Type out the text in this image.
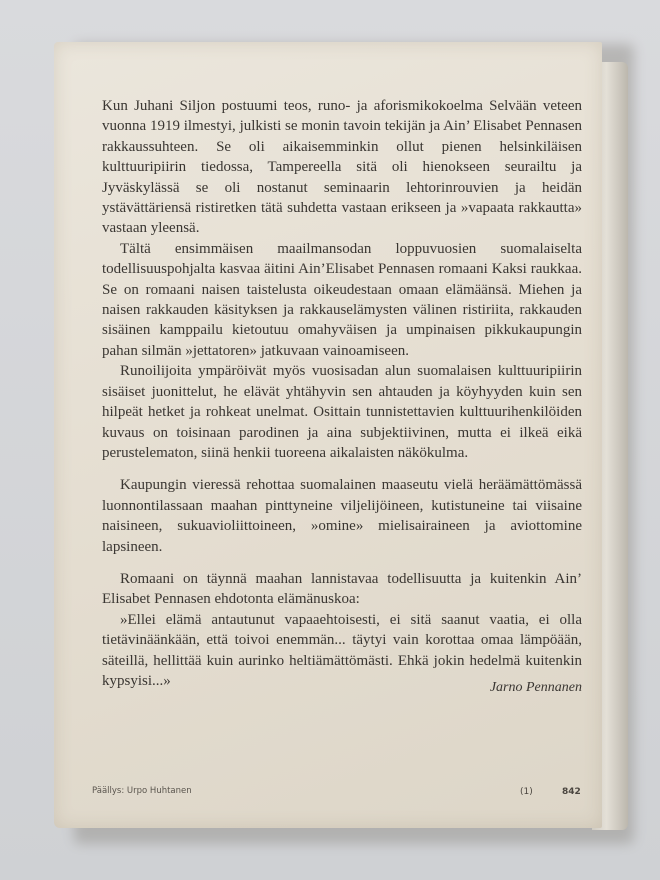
Kun Juhani Siljon postuumi teos, runo- ja aforismikokoelma Selvään veteen vuonna 1919 ilmestyi, julkisti se monin tavoin tekijän ja Ain’ Elisabet Pennasen rakkaussuhteen. Se oli aikaisemminkin ollut pienen helsinkiläisen kulttuuripiirin tiedossa, Tampereella sitä oli hienokseen seurailtu ja Jyväskylässä se oli nostanut seminaarin lehtorinrouvien ja heidän ystävättäriensä ristiretken tätä suhdetta vastaan erikseen ja »vapaata rakkautta» vastaan yleensä.

Tältä ensimmäisen maailmansodan loppuvuosien suomalaiselta todellisuuspohjalta kasvaa äitini Ain’Elisabet Pennasen romaani Kaksi raukkaa. Se on romaani naisen taistelusta oikeudestaan omaan elämäänsä. Miehen ja naisen rakkauden käsityksen ja rakkauselämysten välinen ristiriita, rakkauden sisäinen kamppailu kietoutuu omahyväisen ja umpinaisen pikkukaupungin pahan silmän »jettatoren» jatkuvaan vainoamiseen.

Runoilijoita ympäröivät myös vuosisadan alun suomalaisen kulttuuripiirin sisäiset juonittelut, he elävät yhtähyvin sen ahtauden ja köyhyyden kuin sen hilpeät hetket ja rohkeat unelmat. Osittain tunnistettavien kulttuurihenkilöiden kuvaus on toisinaan parodinen ja aina subjektiivinen, mutta ei ilkeä eikä perustelematon, siinä henkii tuoreena aikalaisten näkökulma.

Kaupungin vieressä rehottaa suomalainen maaseutu vielä heräämättömässä luonnontilassaan maahan pinttyneine viljelijöineen, kutistuneine tai viisaine naisineen, sukuavioliittoineen, »omine» mielisairaineen ja aviottomine lapsineen.

Romaani on täynnä maahan lannistavaa todellisuutta ja kuitenkin Ain’ Elisabet Pennasen ehdotonta elämänuskoa:

»Ellei elämä antautunut vapaaehtoisesti, ei sitä saanut vaatia, ei olla tietävinäänkään, että toivoi enemmän... täytyi vain korottaa omaa lämpöään, säteillä, hellittää kuin aurinko heltiämättömästi. Ehkä jokin hedelmä kuitenkin kypsyisi...»	Jarno Pennanen
Päällys: Urpo Huhtanen	(1)	842
